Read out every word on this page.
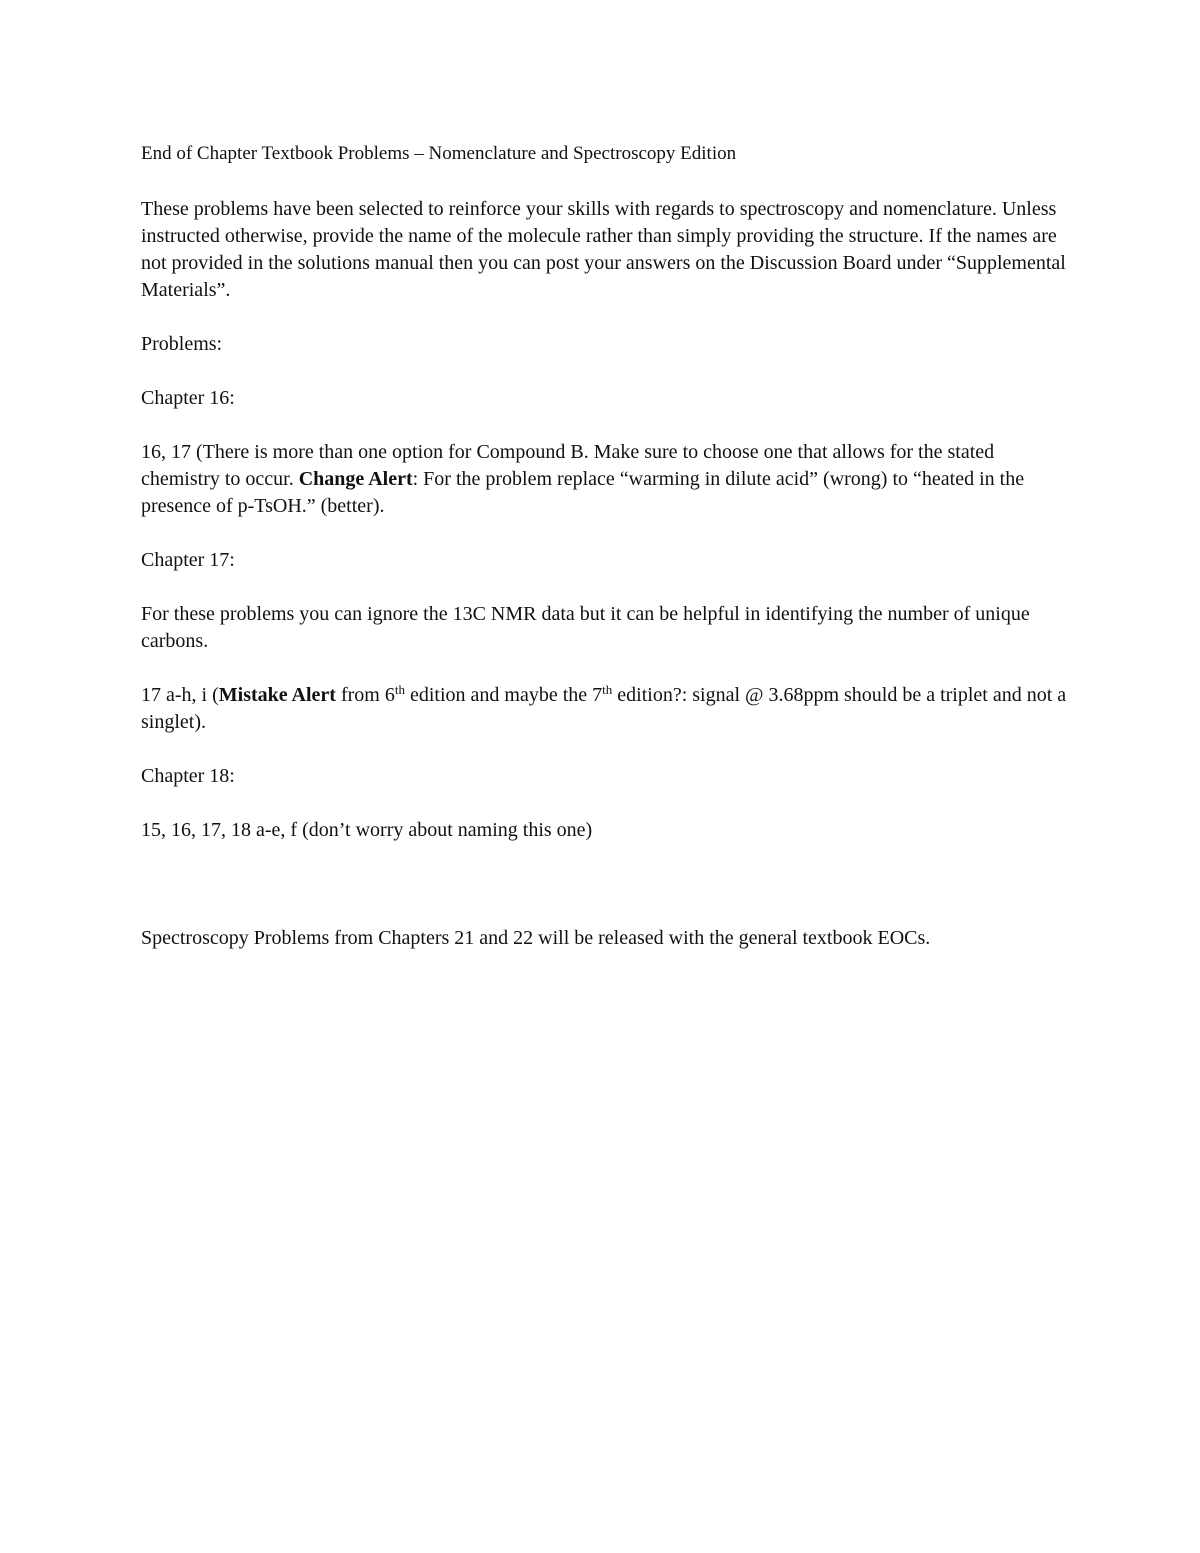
End of Chapter Textbook Problems – Nomenclature and Spectroscopy Edition

These problems have been selected to reinforce your skills with regards to spectroscopy and nomenclature. Unless instructed otherwise, provide the name of the molecule rather than simply providing the structure. If the names are not provided in the solutions manual then you can post your answers on the Discussion Board under “Supplemental Materials”.

Problems:

Chapter 16:

16, 17 (There is more than one option for Compound B. Make sure to choose one that allows for the stated chemistry to occur. Change Alert: For the problem replace “warming in dilute acid” (wrong) to “heated in the presence of p-TsOH.” (better).

Chapter 17:

For these problems you can ignore the 13C NMR data but it can be helpful in identifying the number of unique carbons.

17 a-h, i (Mistake Alert from 6th edition and maybe the 7th edition?: signal @ 3.68ppm should be a triplet and not a singlet).

Chapter 18:

15, 16, 17, 18 a-e, f (don’t worry about naming this one)

Spectroscopy Problems from Chapters 21 and 22 will be released with the general textbook EOCs.
